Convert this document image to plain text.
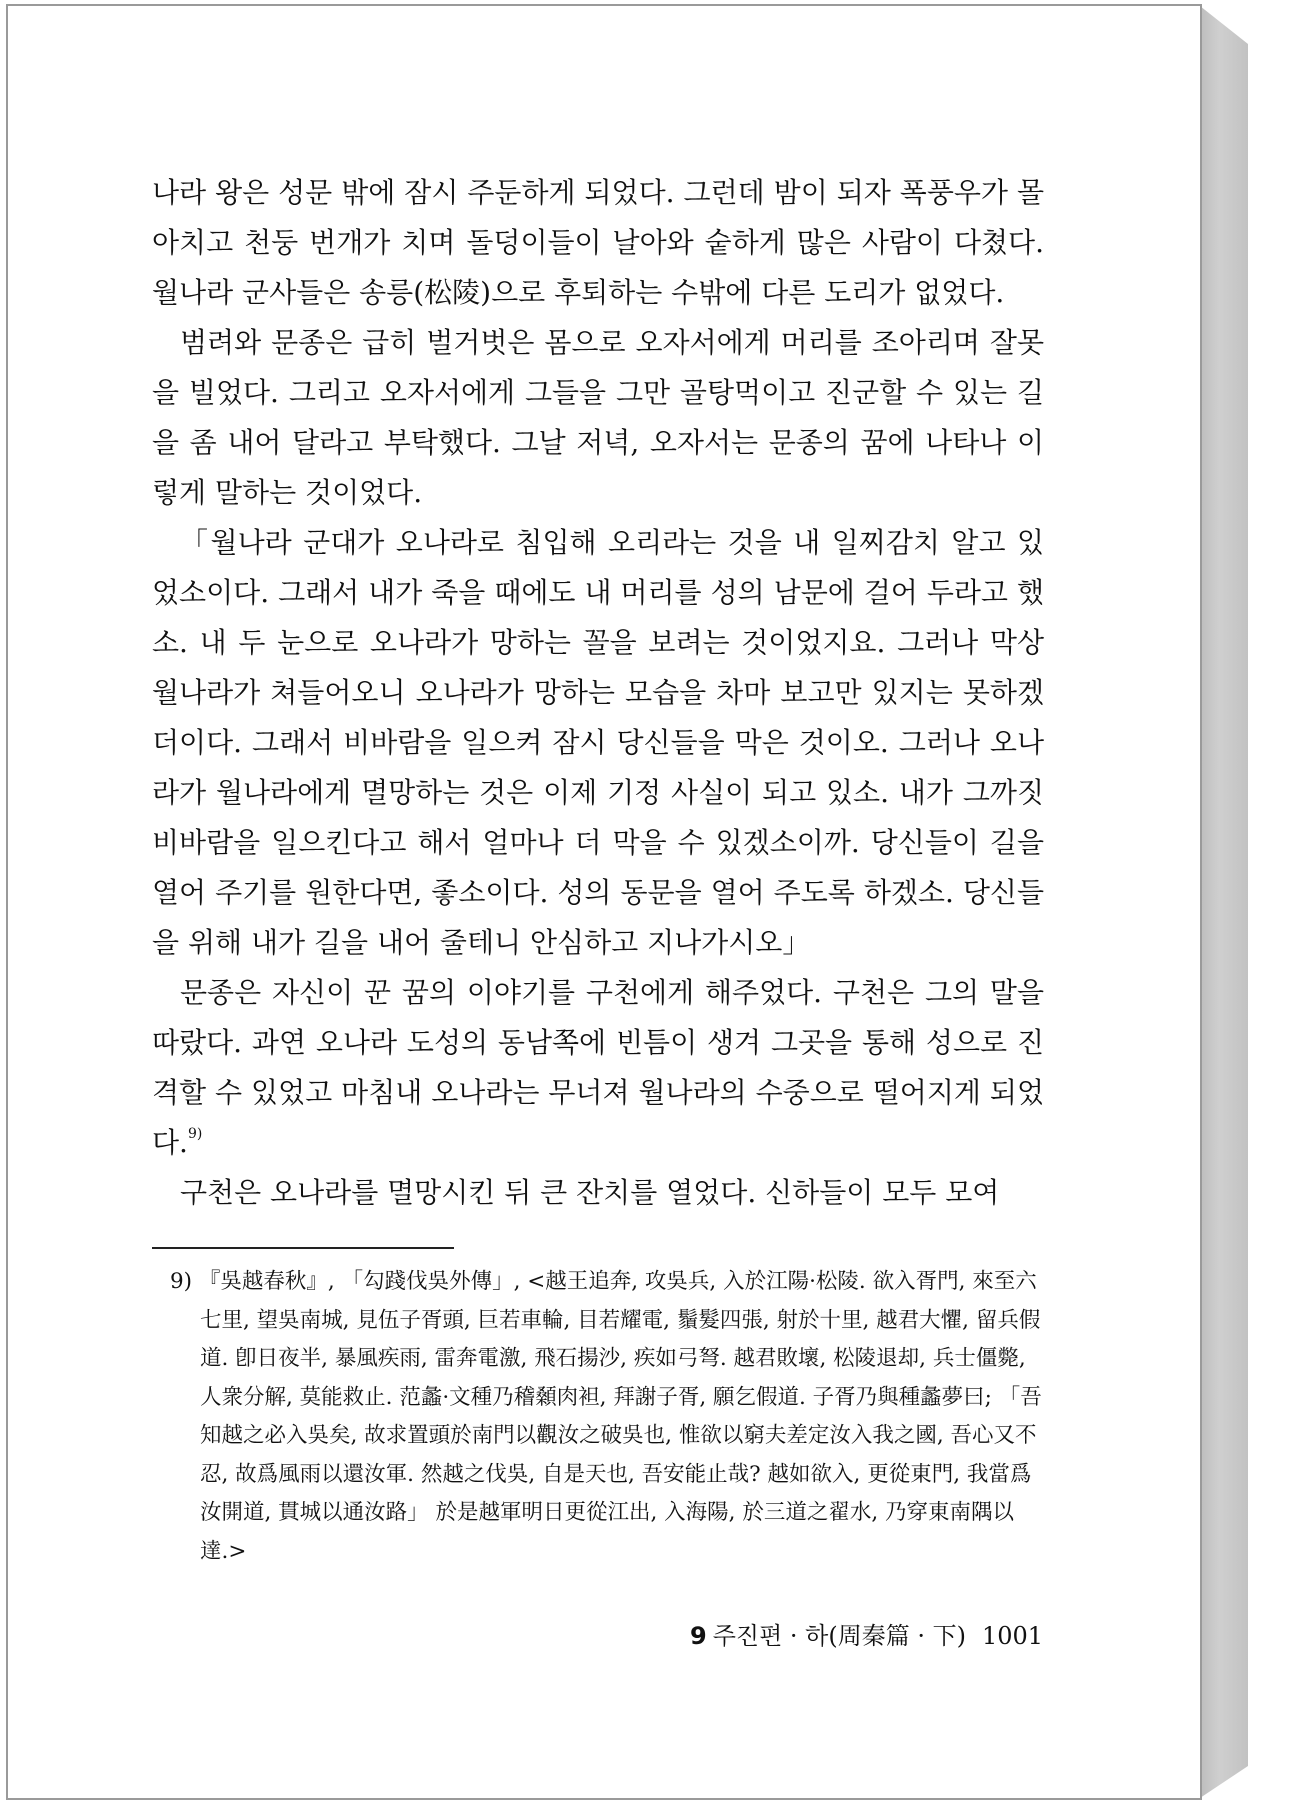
나라 왕은 성문 밖에 잠시 주둔하게 되었다. 그런데 밤이 되자 폭풍우가 몰아치고 천둥 번개가 치며 돌덩이들이 날아와 숱하게 많은 사람이 다쳤다. 월나라 군사들은 송릉(松陵)으로 후퇴하는 수밖에 다른 도리가 없었다.

범려와 문종은 급히 벌거벗은 몸으로 오자서에게 머리를 조아리며 잘못을 빌었다. 그리고 오자서에게 그들을 그만 골탕먹이고 진군할 수 있는 길을 좀 내어 달라고 부탁했다. 그날 저녁, 오자서는 문종의 꿈에 나타나 이렇게 말하는 것이었다.

「월나라 군대가 오나라로 침입해 오리라는 것을 내 일찌감치 알고 있었소이다. 그래서 내가 죽을 때에도 내 머리를 성의 남문에 걸어 두라고 했소. 내 두 눈으로 오나라가 망하는 꼴을 보려는 것이었지요. 그러나 막상 월나라가 쳐들어오니 오나라가 망하는 모습을 차마 보고만 있지는 못하겠더이다. 그래서 비바람을 일으켜 잠시 당신들을 막은 것이오. 그러나 오나라가 월나라에게 멸망하는 것은 이제 기정 사실이 되고 있소. 내가 그까짓 비바람을 일으킨다고 해서 얼마나 더 막을 수 있겠소이까. 당신들이 길을 열어 주기를 원한다면, 좋소이다. 성의 동문을 열어 주도록 하겠소. 당신들을 위해 내가 길을 내어 줄테니 안심하고 지나가시오」

문종은 자신이 꾼 꿈의 이야기를 구천에게 해주었다. 구천은 그의 말을 따랐다. 과연 오나라 도성의 동남쪽에 빈틈이 생겨 그곳을 통해 성으로 진격할 수 있었고 마침내 오나라는 무너져 월나라의 수중으로 떨어지게 되었다.$^{9)}$

구천은 오나라를 멸망시킨 뒤 큰 잔치를 열었다. 신하들이 모두 모여

9) 『吳越春秋』, 「勾踐伐吳外傳」, <越王追奔, 攻吳兵, 入於江陽·松陵. 欲入胥門, 來至六七里, 望吳南城, 見伍子胥頭, 巨若車輪, 目若耀電, 鬚髮四張, 射於十里, 越君大懼, 留兵假道. 卽日夜半, 暴風疾雨, 雷奔電激, 飛石揚沙, 疾如弓弩. 越君敗壞, 松陵退却, 兵士僵斃, 人衆分解, 莫能救止. 范蠡·文種乃稽顙肉袒, 拜謝子胥, 願乞假道. 子胥乃與種蠡夢曰; 「吾知越之必入吳矣, 故求置頭於南門以觀汝之破吳也, 惟欲以窮夫差定汝入我之國, 吾心又不忍, 故爲風雨以還汝軍. 然越之伐吳, 自是天也, 吾安能止哉? 越如欲入, 更從東門, 我當爲汝開道, 貫城以通汝路」 於是越軍明日更從江出, 入海陽, 於三道之翟水, 乃穿東南隅以達.>

9 주진편 · 하(周秦篇 · 下) 1001
